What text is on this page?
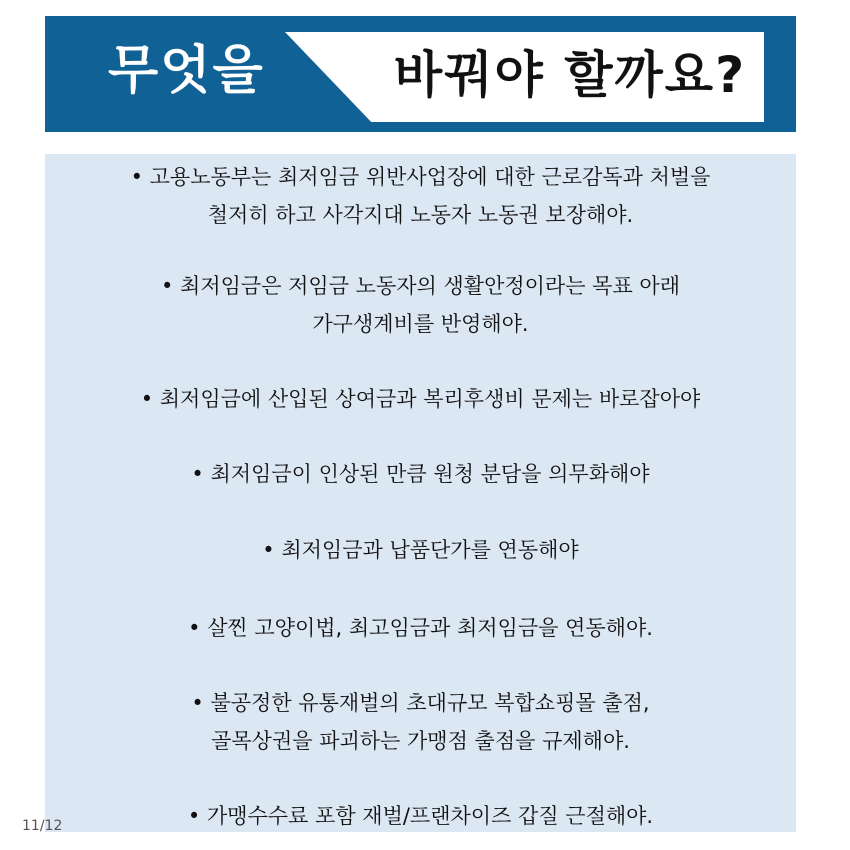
무엇을	바꿔야 할까요?
• 고용노동부는 최저임금 위반사업장에 대한 근로감독과 처벌을
철저히 하고 사각지대 노동자 노동권 보장해야.
• 최저임금은 저임금 노동자의 생활안정이라는 목표 아래
가구생계비를 반영해야.
• 최저임금에 산입된 상여금과 복리후생비 문제는 바로잡아야
• 최저임금이 인상된 만큼 원청 분담을 의무화해야
• 최저임금과 납품단가를 연동해야
• 살찐 고양이법, 최고임금과 최저임금을 연동해야.
• 불공정한 유통재벌의 초대규모 복합쇼핑몰 출점,
골목상권을 파괴하는 가맹점 출점을 규제해야.
• 가맹수수료 포함 재벌/프랜차이즈 갑질 근절해야.
11/12
